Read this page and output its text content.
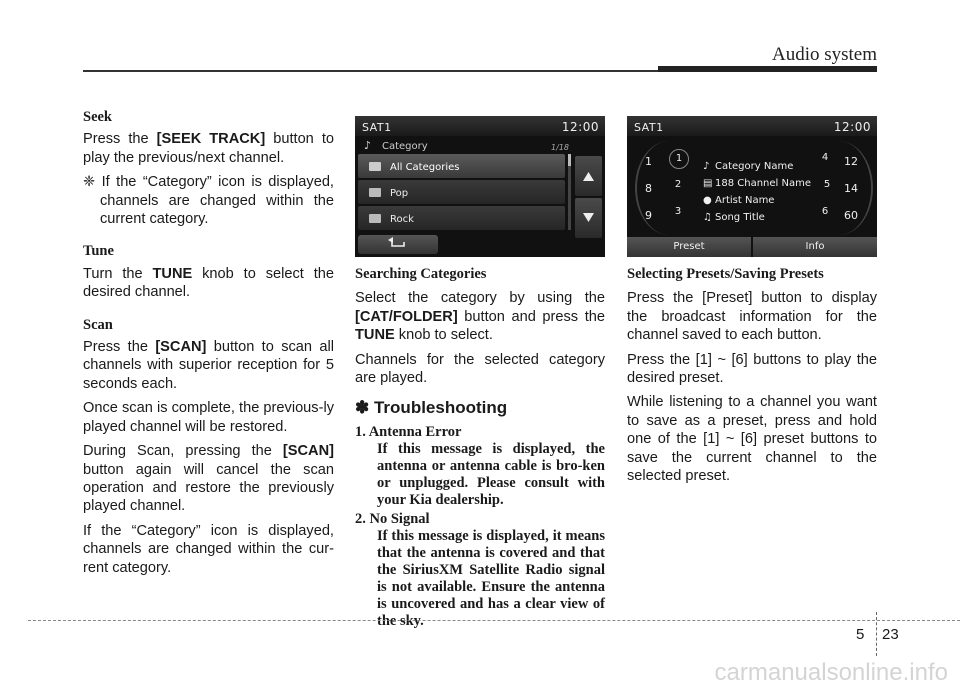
Audio system
Seek

Press the [SEEK TRACK] button to play the previous/next channel.

❈ If the “Category” icon is displayed, channels are changed within the current category.

Tune

Turn the TUNE knob to select the desired channel.

Scan

Press the [SCAN] button to scan all channels with superior reception for 5 seconds each.

Once scan is complete, the previous-ly played channel will be restored.

During Scan, pressing the [SCAN] button again will cancel the scan operation and restore the previously played channel.

If the “Category” icon is displayed, channels are changed within the cur-rent category.

SAT1	12:00
♪ Category	1/18
All Categories
Pop
Rock
Searching Categories

Select the category by using the [CAT/FOLDER] button and press the TUNE knob to select.

Channels for the selected category are played.

✽ Troubleshooting
1. Antenna Error
If this message is displayed, the antenna or antenna cable is bro-ken or unplugged. Please consult with your Kia dealership.
2. No Signal
If this message is displayed, it means that the antenna is covered and that the SiriusXM Satellite Radio signal is not available. Ensure the antenna is uncovered and has a clear view of the sky.
SAT1	12:00
1
8
9
1
2
3
♪ Category Name
▤ 188 Channel Name
● Artist Name
♫ Song Title
4
5
6
12
14
60
Preset	Info
Selecting Presets/Saving Presets

Press the [Preset] button to display the broadcast information for the channel saved to each button.

Press the [1] ~ [6] buttons to play the desired preset.

While listening to a channel you want to save as a preset, press and hold one of the [1] ~ [6] preset buttons to save the current channel to the selected preset.

5 23
carmanualsonline.info
